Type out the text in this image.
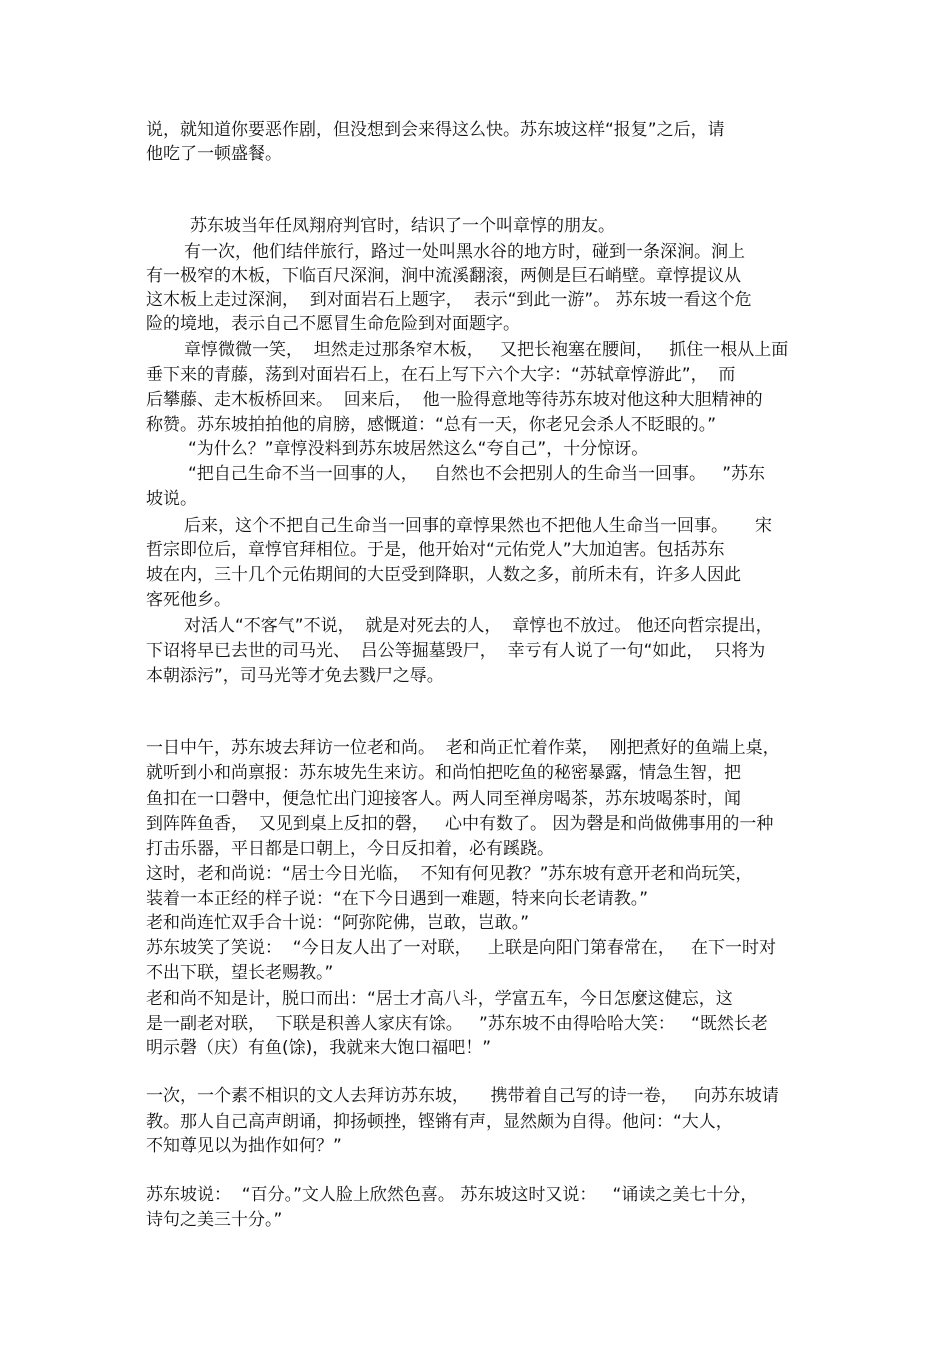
说，就知道你要恶作剧，但没想到会来得这么快。苏东坡这样“报复”之后，请
他吃了一顿盛餐。
苏东坡当年任凤翔府判官时，结识了一个叫章惇的朋友。
有一次，他们结伴旅行，路过一处叫黑水谷的地方时，碰到一条深涧。涧上
有一极窄的木板，下临百尺深涧，涧中流溪翻滚，两侧是巨石峭壁。章惇提议从
这木板上走过深涧，  到对面岩石上题字，  表示“到此一游”。 苏东坡一看这个危
险的境地，表示自己不愿冒生命危险到对面题字。
章惇微微一笑，  坦然走过那条窄木板，   又把长袍塞在腰间，   抓住一根从上面
垂下来的青藤，荡到对面岩石上，在石上写下六个大字：“苏轼章惇游此”，  而
后攀藤、走木板桥回来。  回来后，  他一脸得意地等待苏东坡对他这种大胆精神的
称赞。苏东坡拍拍他的肩膀，感慨道：“总有一天，你老兄会杀人不眨眼的。”
“为什么？”章惇没料到苏东坡居然这么“夸自己”，十分惊讶。
“把自己生命不当一回事的人，   自然也不会把别人的生命当一回事。   ”苏东
坡说。
后来，这个不把自己生命当一回事的章惇果然也不把他人生命当一回事。     宋
哲宗即位后，章惇官拜相位。于是，他开始对“元佑党人”大加迫害。包括苏东
坡在内，三十几个元佑期间的大臣受到降职，人数之多，前所未有，许多人因此
客死他乡。
对活人“不客气”不说，  就是对死去的人，  章惇也不放过。 他还向哲宗提出，
下诏将早已去世的司马光、  吕公等掘墓毁尸，  幸亏有人说了一句“如此，  只将为
本朝添污”，司马光等才免去戮尸之辱。
一日中午，苏东坡去拜访一位老和尚。  老和尚正忙着作菜，  刚把煮好的鱼端上桌，
就听到小和尚禀报：苏东坡先生来访。和尚怕把吃鱼的秘密暴露，情急生智，把
鱼扣在一口磬中，便急忙出门迎接客人。两人同至禅房喝茶，苏东坡喝茶时，闻
到阵阵鱼香，  又见到桌上反扣的磬，   心中有数了。 因为磬是和尚做佛事用的一种
打击乐器，平日都是口朝上，今日反扣着，必有蹊跷。
这时，老和尚说：“居士今日光临，  不知有何见教？”苏东坡有意开老和尚玩笑，
装着一本正经的样子说：“在下今日遇到一难题，特来向长老请教。”
老和尚连忙双手合十说：“阿弥陀佛，岂敢，岂敢。”
苏东坡笑了笑说：  “今日友人出了一对联，   上联是向阳门第春常在，   在下一时对
不出下联，望长老赐教。”
老和尚不知是计，脱口而出：“居士才高八斗，学富五车，今日怎麼这健忘，这
是一副老对联，  下联是积善人家庆有馀。   ”苏东坡不由得哈哈大笑：   “既然长老
明示磬（庆）有鱼(馀)，我就来大饱口福吧！”
一次，一个素不相识的文人去拜访苏东坡，    携带着自己写的诗一卷，   向苏东坡请
教。那人自己高声朗诵，抑扬顿挫，铿锵有声，显然颇为自得。他问：“大人，
不知尊见以为拙作如何？”
苏东坡说：  “百分。”文人脸上欣然色喜。 苏东坡这时又说：   “诵读之美七十分，
诗句之美三十分。”
